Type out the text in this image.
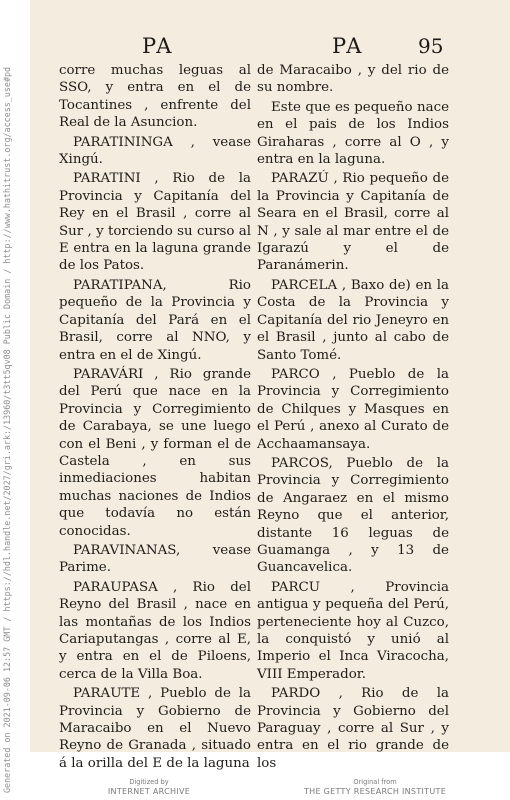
PA	PA	95

corre muchas leguas al SSO, y entra en el de Tocantines , enfrente del Real de la Asuncion.

PARATININGA , vease Xingú.

PARATINI , Rio de la Provincia y Capitanía del Rey en el Brasil , corre al Sur , y torciendo su curso al E entra en la laguna grande de los Patos.

PARATIPANA, Rio pequeño de la Provincia y Capitanía del Pará en el Brasil, corre al NNO, y entra en el de Xingú.

PARAVÁRI , Rio grande del Perú que nace en la Provincia y Corregimiento de Carabaya, se une luego con el Beni , y forman el de Castela , en sus inmediaciones habitan muchas naciones de Indios que todavía no están conocidas.

PARAVINANAS, vease Parime.

PARAUPASA , Rio del Reyno del Brasil , nace en las montañas de los Indios Cariaputangas , corre al E, y entra en el de Piloens, cerca de la Villa Boa.

PARAUTE , Pueblo de la Provincia y Gobierno de Maracaibo en el Nuevo Reyno de Granada , situado á la orilla del E de la laguna

de Maracaibo , y del rio de su nombre.

Este que es pequeño nace en el pais de los Indios Giraharas , corre al O , y entra en la laguna.

PARAZÚ , Rio pequeño de la Provincia y Capitanía de Seara en el Brasil, corre al N , y sale al mar entre el de Igarazú y el de Paranámerin.

PARCELA , Baxo de) en la Costa de la Provincia y Capitanía del rio Jeneyro en el Brasil , junto al cabo de Santo Tomé.

PARCO , Pueblo de la Provincia y Corregimiento de Chilques y Masques en el Perú , anexo al Curato de Acchaamansaya.

PARCOS, Pueblo de la Provincia y Corregimiento de Angaraez en el mismo Reyno que el anterior, distante 16 leguas de Guamanga , y 13 de Guancavelica.

PARCU , Provincia antigua y pequeña del Perú, perteneciente hoy al Cuzco, la conquistó y unió al Imperio el Inca Viracocha, VIII Emperador.

PARDO , Rio de la Provincia y Gobierno del Paraguay , corre al Sur , y entra en el rio grande de los

Generated on 2021-09-06 12:57 GMT / https://hdl.handle.net/2027/gri.ark:/13960/t3tt5qv08 Public Domain / http://www.hathitrust.org/access_use#pd	Digitized by
INTERNET ARCHIVE
Original from
THE GETTY RESEARCH INSTITUTE
